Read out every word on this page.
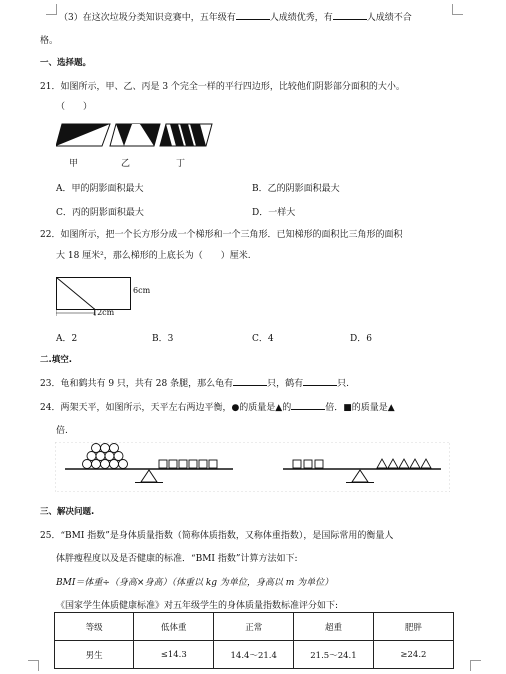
（3）在这次垃圾分类知识竞赛中，五年级有	人成绩优秀，有	人成绩不合
格。
一、选择题。
21．如图所示，甲、乙、丙是 3 个完全一样的平行四边形，比较他们阴影部分面积的大小。
（　　）
甲	乙	丁
A．甲的阴影面积最大	B．乙的阴影面积最大
C．丙的阴影面积最大	D．一样大
22．如图所示，把一个长方形分成一个梯形和一个三角形．已知梯形的面积比三角形的面积
大 18 厘米²，那么梯形的上底长为（　　）厘米.
6cm
12cm
A．2	B．3	C．4	D．6
二.填空.
23．龟和鹤共有 9 只，共有 28 条腿，那么龟有	只，鹤有	只.
24．两架天平，如图所示，天平左右两边平衡，●的质量是▲的	倍．■的质量是▲
倍.
三、解决问题.
25．“BMI 指数”是身体质量指数（简称体质指数，又称体重指数），是国际常用的衡量人
体胖瘦程度以及是否健康的标准．“BMI 指数”计算方法如下:
BMI＝体重÷（身高×身高）（体重以 kg 为单位，身高以 m 为单位）
《国家学生体质健康标准》对五年级学生的身体质量指数标准评分如下:
等级	低体重	正常	超重	肥胖
男生	≤14.3	14.4～21.4	21.5～24.1	≥24.2
